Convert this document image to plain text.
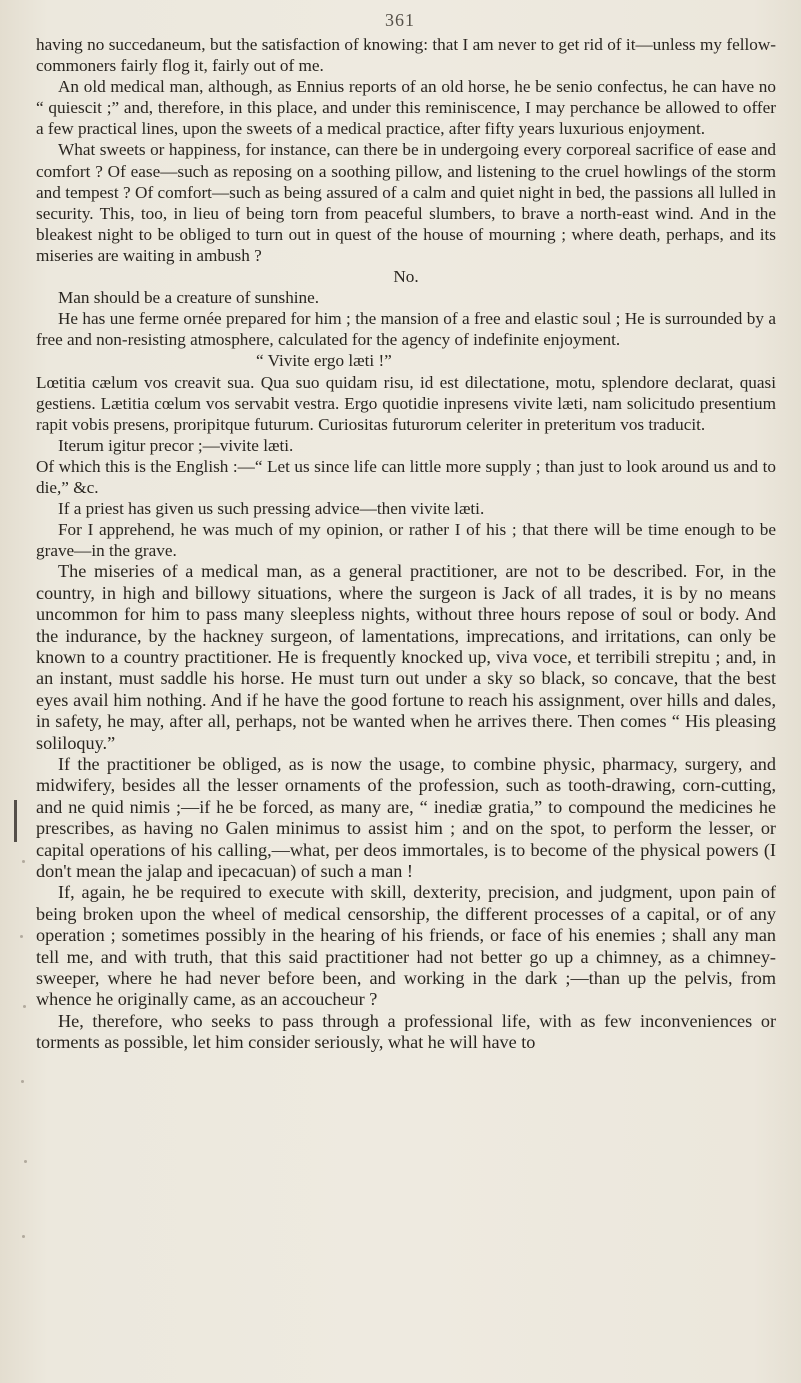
361

having no succedaneum, but the satisfaction of knowing: that I am never to get rid of it—unless my fellow-commoners fairly flog it, fairly out of me.

An old medical man, although, as Ennius reports of an old horse, he be senio confectus, he can have no “ quiescit ;” and, therefore, in this place, and under this reminiscence, I may perchance be allowed to offer a few practical lines, upon the sweets of a medical practice, after fifty years luxurious enjoyment.

What sweets or happiness, for instance, can there be in undergoing every corporeal sacrifice of ease and comfort ? Of ease—such as reposing on a soothing pillow, and listening to the cruel howlings of the storm and tempest ? Of comfort—such as being assured of a calm and quiet night in bed, the passions all lulled in security. This, too, in lieu of being torn from peaceful slumbers, to brave a north-east wind. And in the bleakest night to be obliged to turn out in quest of the house of mourning ; where death, perhaps, and its miseries are waiting in ambush ?

No.

Man should be a creature of sunshine.

He has une ferme ornée prepared for him ; the mansion of a free and elastic soul ; He is surrounded by a free and non-resisting atmosphere, calculated for the agency of indefinite enjoyment.

“ Vivite ergo læti !”

Lœtitia cælum vos creavit sua. Qua suo quidam risu, id est dilectatione, motu, splendore declarat, quasi gestiens. Lætitia cœlum vos servabit vestra. Ergo quotidie inpresens vivite læti, nam solicitudo presentium rapit vobis presens, proripitque futurum. Curiositas futurorum celeriter in preteritum vos traducit.

Iterum igitur precor ;—vivite læti.

Of which this is the English :—“ Let us since life can little more supply ; than just to look around us and to die,” &c.

If a priest has given us such pressing advice—then vivite læti.

For I apprehend, he was much of my opinion, or rather I of his ; that there will be time enough to be grave—in the grave.

The miseries of a medical man, as a general practitioner, are not to be described. For, in the country, in high and billowy situations, where the surgeon is Jack of all trades, it is by no means uncommon for him to pass many sleepless nights, without three hours repose of soul or body. And the indurance, by the hackney surgeon, of lamentations, imprecations, and irritations, can only be known to a country practitioner. He is frequently knocked up, viva voce, et terribili strepitu ; and, in an instant, must saddle his horse. He must turn out under a sky so black, so concave, that the best eyes avail him nothing. And if he have the good fortune to reach his assignment, over hills and dales, in safety, he may, after all, perhaps, not be wanted when he arrives there. Then comes “ His pleasing soliloquy.”

If the practitioner be obliged, as is now the usage, to combine physic, pharmacy, surgery, and midwifery, besides all the lesser ornaments of the profession, such as tooth-drawing, corn-cutting, and ne quid nimis ;—if he be forced, as many are, “ inediæ gratia,” to compound the medicines he prescribes, as having no Galen minimus to assist him ; and on the spot, to perform the lesser, or capital operations of his calling,—what, per deos immortales, is to become of the physical powers (I don't mean the jalap and ipecacuan) of such a man !

If, again, he be required to execute with skill, dexterity, precision, and judgment, upon pain of being broken upon the wheel of medical censorship, the different processes of a capital, or of any operation ; sometimes possibly in the hearing of his friends, or face of his enemies ; shall any man tell me, and with truth, that this said practitioner had not better go up a chimney, as a chimney-sweeper, where he had never before been, and working in the dark ;—than up the pelvis, from whence he originally came, as an accoucheur ?

He, therefore, who seeks to pass through a professional life, with as few inconveniences or torments as possible, let him consider seriously, what he will have to
